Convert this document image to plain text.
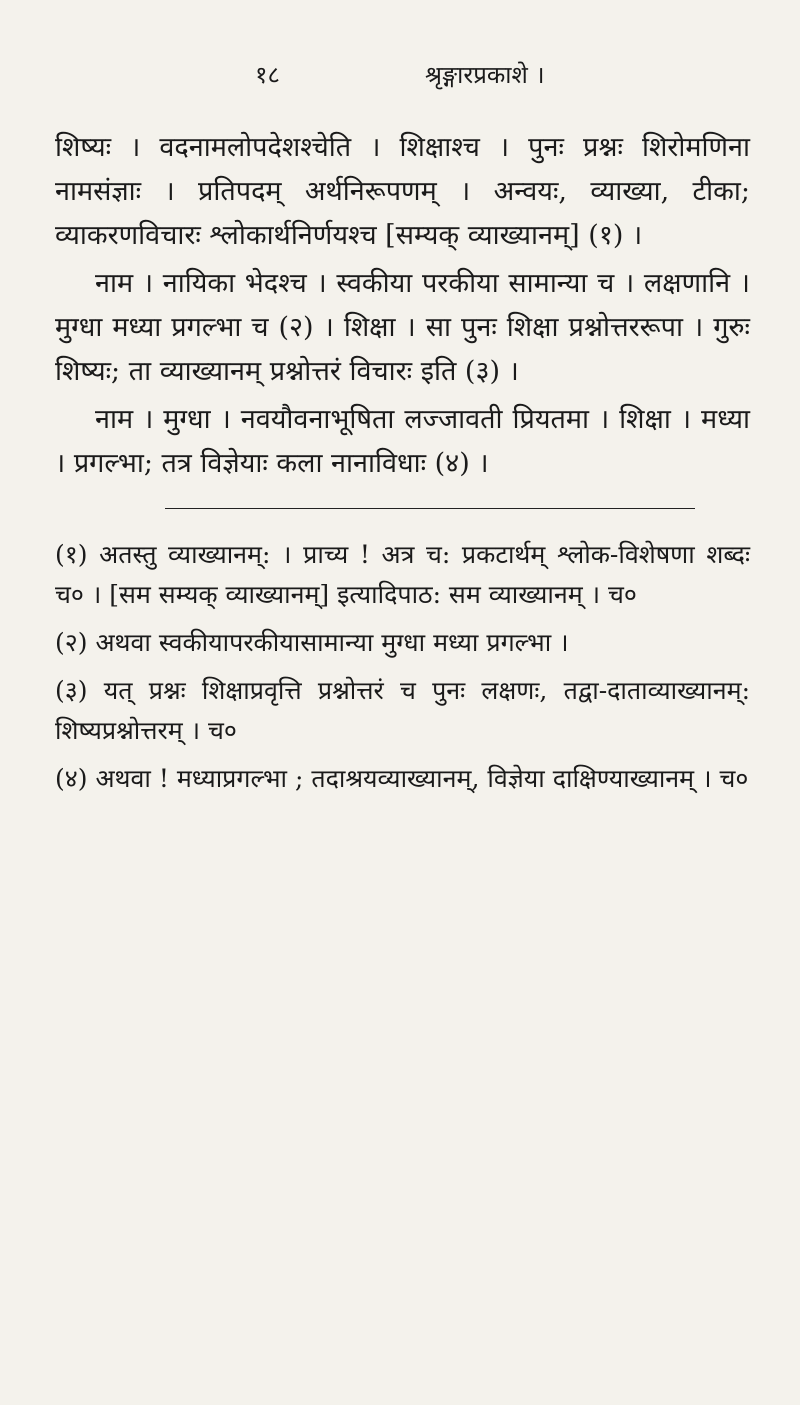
१८	श्रृङ्गारप्रकाशे ।

शिष्यः । वदनामलोपदेशश्चेति । शिक्षाश्च । पुनः प्रश्नः शिरोमणिना नामसंज्ञाः । प्रतिपदम् अर्थनिरूपणम् । अन्वयः, व्याख्या, टीका; व्याकरणविचारः श्लोकार्थनिर्णयश्च [सम्यक् व्याख्यानम्] (१) ।

नाम । नायिका भेदश्च । स्वकीया परकीया सामान्या च । लक्षणानि । मुग्धा मध्या प्रगल्भा च (२) । शिक्षा । सा पुनः शिक्षा प्रश्नोत्तररूपा । गुरुः शिष्यः; ता व्याख्यानम् प्रश्नोत्तरं विचारः इति (३) ।

नाम । मुग्धा । नवयौवनाभूषिता लज्जावती प्रियतमा । शिक्षा । मध्या । प्रगल्भा; तत्र विज्ञेयाः कला नानाविधाः (४) ।

(१) अतस्तु व्याख्यानम्: । प्राच्य ! अत्र च: प्रकटार्थम् श्लोक-विशेषणा शब्दः च० । [सम सम्यक् व्याख्यानम्] इत्यादिपाठ: सम व्याख्यानम् । च०

(२) अथवा स्वकीयापरकीयासामान्या मुग्धा मध्या प्रगल्भा ।

(३) यत् प्रश्नः शिक्षाप्रवृत्ति प्रश्नोत्तरं च पुनः लक्षणः, तद्वा-दाताव्याख्यानम्: शिष्यप्रश्नोत्तरम् । च०

(४) अथवा ! मध्याप्रगल्भा ; तदाश्रयव्याख्यानम्, विज्ञेया दाक्षिण्याख्यानम् । च०
